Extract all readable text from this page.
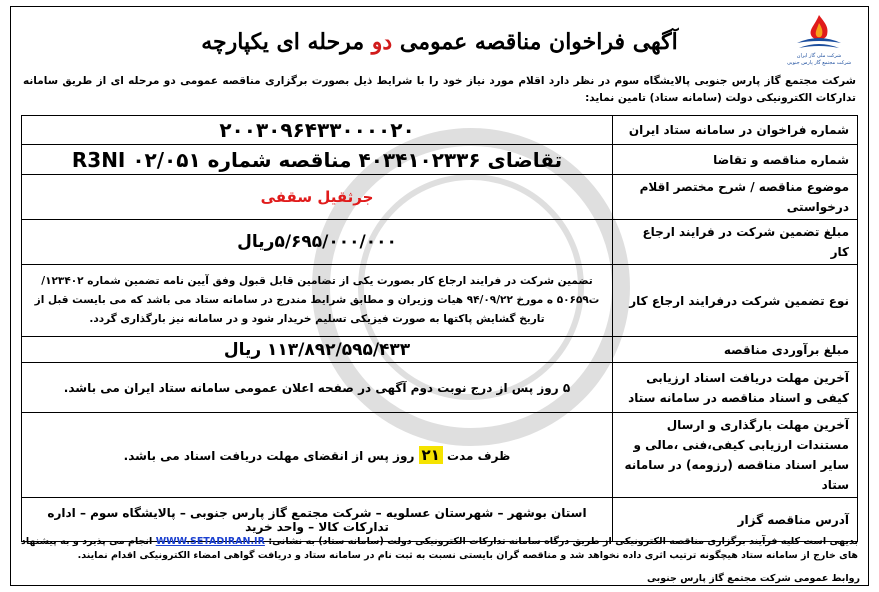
شرکت ملی گاز ایران
شرکت مجتمع گاز پارس جنوبی
آگهی فراخوان مناقصه عمومی دو مرحله ای یکپارچه
شرکت مجتمع گاز پارس جنوبی پالایشگاه سوم در نظر دارد اقلام مورد نیاز خود را با شرایط ذیل بصورت برگزاری مناقصه عمومی دو مرحله ای از طریق سامانه تدارکات الکترونیکی دولت (سامانه ستاد) تامین نماید:
شماره فراخوان در سامانه ستاد ایران	۲۰۰۳۰۹۶۴۳۳۰۰۰۰۲۰
شماره مناقصه و تقاضا	تقاضای ۴۰۳۴۱۰۲۳۳۶ مناقصه شماره R3NI ۰۲/۰۵۱
موضوع مناقصه / شرح مختصر اقلام درخواستی	جرثقیل سقفی
مبلغ تضمین شرکت در فرایند ارجاع کار	۵/۶۹۵/۰۰۰/۰۰۰ریال
نوع تضمین شرکت درفرایند ارجاع کار	تضمین شرکت در فرایند ارجاع کار بصورت یکی از تضامین قابل قبول وفق آیین نامه تضمین شماره ۱۲۳۴۰۲/ت۵۰۶۵۹ ه مورخ ۹۴/۰۹/۲۲ هیات وزیران و مطابق شرایط مندرج در سامانه ستاد می باشد که می بایست قبل از تاریخ گشایش پاکتها به صورت فیزیکی تسلیم خریدار شود و در سامانه نیز بارگذاری گردد.
مبلغ برآوردی مناقصه	۱۱۳/۸۹۲/۵۹۵/۴۳۳ ریال
آخرین مهلت دریافت اسناد ارزیابی کیفی و اسناد مناقصه در سامانه ستاد	۵ روز پس از درج نوبت دوم آگهی در صفحه اعلان عمومی سامانه ستاد ایران می باشد.
آخرین مهلت بارگذاری و ارسال مستندات ارزیابی کیفی،فنی ،مالی و سایر اسناد مناقصه (رزومه) در سامانه ستاد	ظرف مدت ۲۱ روز پس از انقضای مهلت دریافت اسناد می باشد.
آدرس مناقصه گزار	استان بوشهر – شهرستان عسلویه – شرکت مجتمع گاز پارس جنوبی – پالایشگاه سوم – اداره تدارکات کالا – واحد خرید
بدیهی است کلیه فرآیند برگزاری مناقصه الکترونیکی از طریق درگاه سامانه تدارکات الکترونیکی دولت (سامانه ستاد) به نشانی: WWW.SETADIRAN.IR انجام می پذیرد و به پیشنهاد های خارج از سامانه ستاد هیچگونه ترتیب اثری داده نخواهد شد و مناقصه گران بایستی نسبت به ثبت نام در سامانه ستاد و دریافت گواهی امضاء الکترونیکی اقدام نمایند.
روابط عمومی شرکت مجتمع گاز پارس جنوبی
